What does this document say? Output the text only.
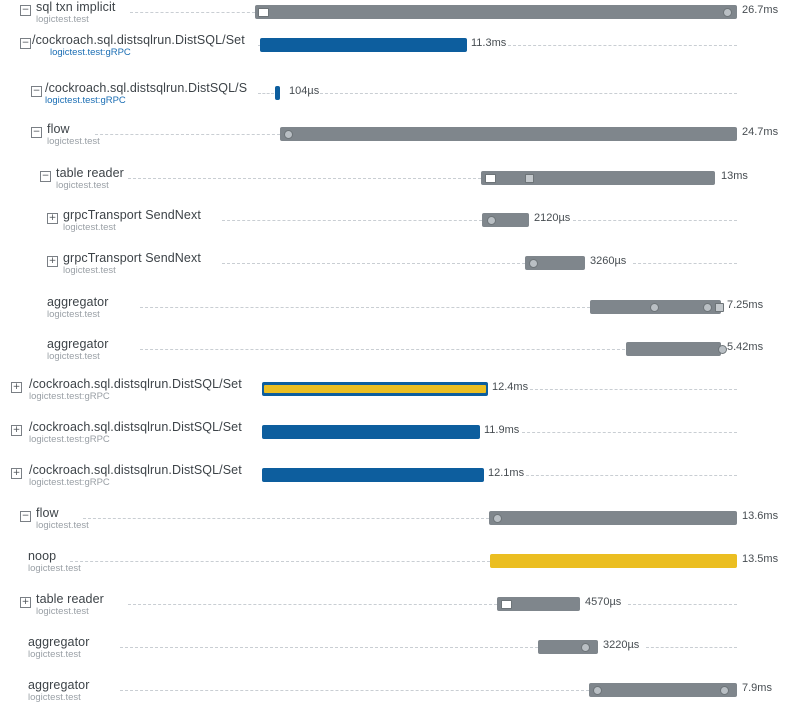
− sql txn implicit
logictest.test
26.7ms
− /cockroach.sql.distsqlrun.DistSQL/Set
logictest.test:gRPC
11.3ms
− /cockroach.sql.distsqlrun.DistSQL/S
logictest.test:gRPC
104µs
− flow
logictest.test
24.7ms
− table reader
logictest.test
13ms
+ grpcTransport SendNext
logictest.test
2120µs
+ grpcTransport SendNext
logictest.test
3260µs
aggregator
logictest.test
7.25ms
aggregator
logictest.test
5.42ms
+ /cockroach.sql.distsqlrun.DistSQL/Set
logictest.test:gRPC
12.4ms
+ /cockroach.sql.distsqlrun.DistSQL/Set
logictest.test:gRPC
11.9ms
+ /cockroach.sql.distsqlrun.DistSQL/Set
logictest.test:gRPC
12.1ms
− flow
logictest.test
13.6ms
noop
logictest.test
13.5ms
+ table reader
logictest.test
4570µs
aggregator
logictest.test
3220µs
aggregator
logictest.test
7.9ms
